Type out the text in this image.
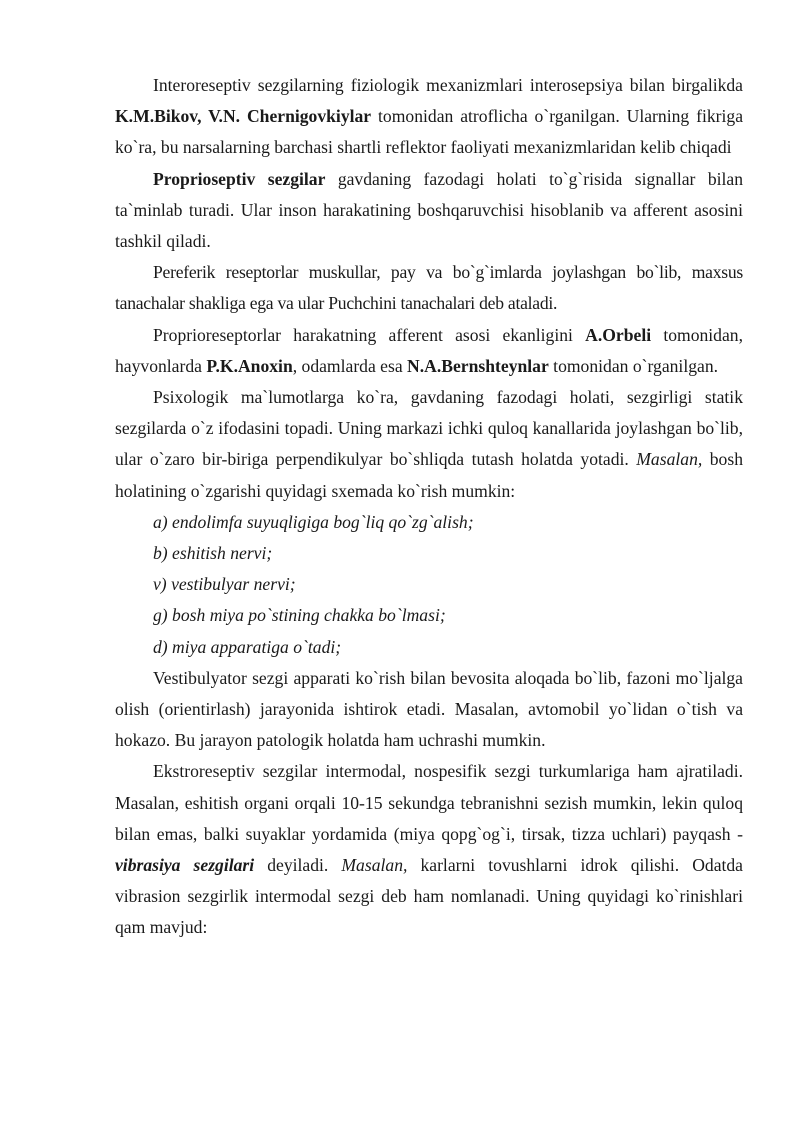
Interoreseptiv sezgilarning fiziologik mexanizmlari interosepsiya bilan birgalikda K.M.Bikov, V.N. Chernigovkiylar tomonidan atroflicha o`rganilgan. Ularning fikriga ko`ra, bu narsalarning barchasi shartli reflektor faoliyati mexanizmlaridan kelib chiqadi

Proprioseptiv sezgilar gavdaning fazodagi holati to`g`risida signallar bilan ta`minlab turadi. Ular inson harakatining boshqaruvchisi hisoblanib va afferent asosini tashkil qiladi.

Pereferik reseptorlar muskullar, pay va bo`g`imlarda joylashgan bo`lib, maxsus tanachalar shakliga ega va ular Puchchini tanachalari deb ataladi.

Proprioreseptorlar harakatning afferent asosi ekanligini A.Orbeli tomonidan, hayvonlarda P.K.Anoxin, odamlarda esa N.A.Bernshteynlar tomonidan o`rganilgan.

Psixologik ma`lumotlarga ko`ra, gavdaning fazodagi holati, sezgirligi statik sezgilarda o`z ifodasini topadi. Uning markazi ichki quloq kanallarida joylashgan bo`lib, ular o`zaro bir-biriga perpendikulyar bo`shliqda tutash holatda yotadi. Masalan, bosh holatining o`zgarishi quyidagi sxemada ko`rish mumkin:

a) endolimfa suyuqligiga bog`liq qo`zg`alish;

b) eshitish nervi;

v) vestibulyar nervi;

g) bosh miya po`stining chakka bo`lmasi;

d) miya apparatiga o`tadi;

Vestibulyator sezgi apparati ko`rish bilan bevosita aloqada bo`lib, fazoni mo`ljalga olish (orientirlash) jarayonida ishtirok etadi. Masalan, avtomobil yo`lidan o`tish va hokazo. Bu jarayon patologik holatda ham uchrashi mumkin.

Ekstroreseptiv sezgilar intermodal, nospesifik sezgi turkumlariga ham ajratiladi. Masalan, eshitish organi orqali 10-15 sekundga tebranishni sezish mumkin, lekin quloq bilan emas, balki suyaklar yordamida (miya qopg`og`i, tirsak, tizza uchlari) payqash - vibrasiya sezgilari deyiladi. Masalan, karlarni tovushlarni idrok qilishi. Odatda vibrasion sezgirlik intermodal sezgi deb ham nomlanadi. Uning quyidagi ko`rinishlari qam mavjud:
